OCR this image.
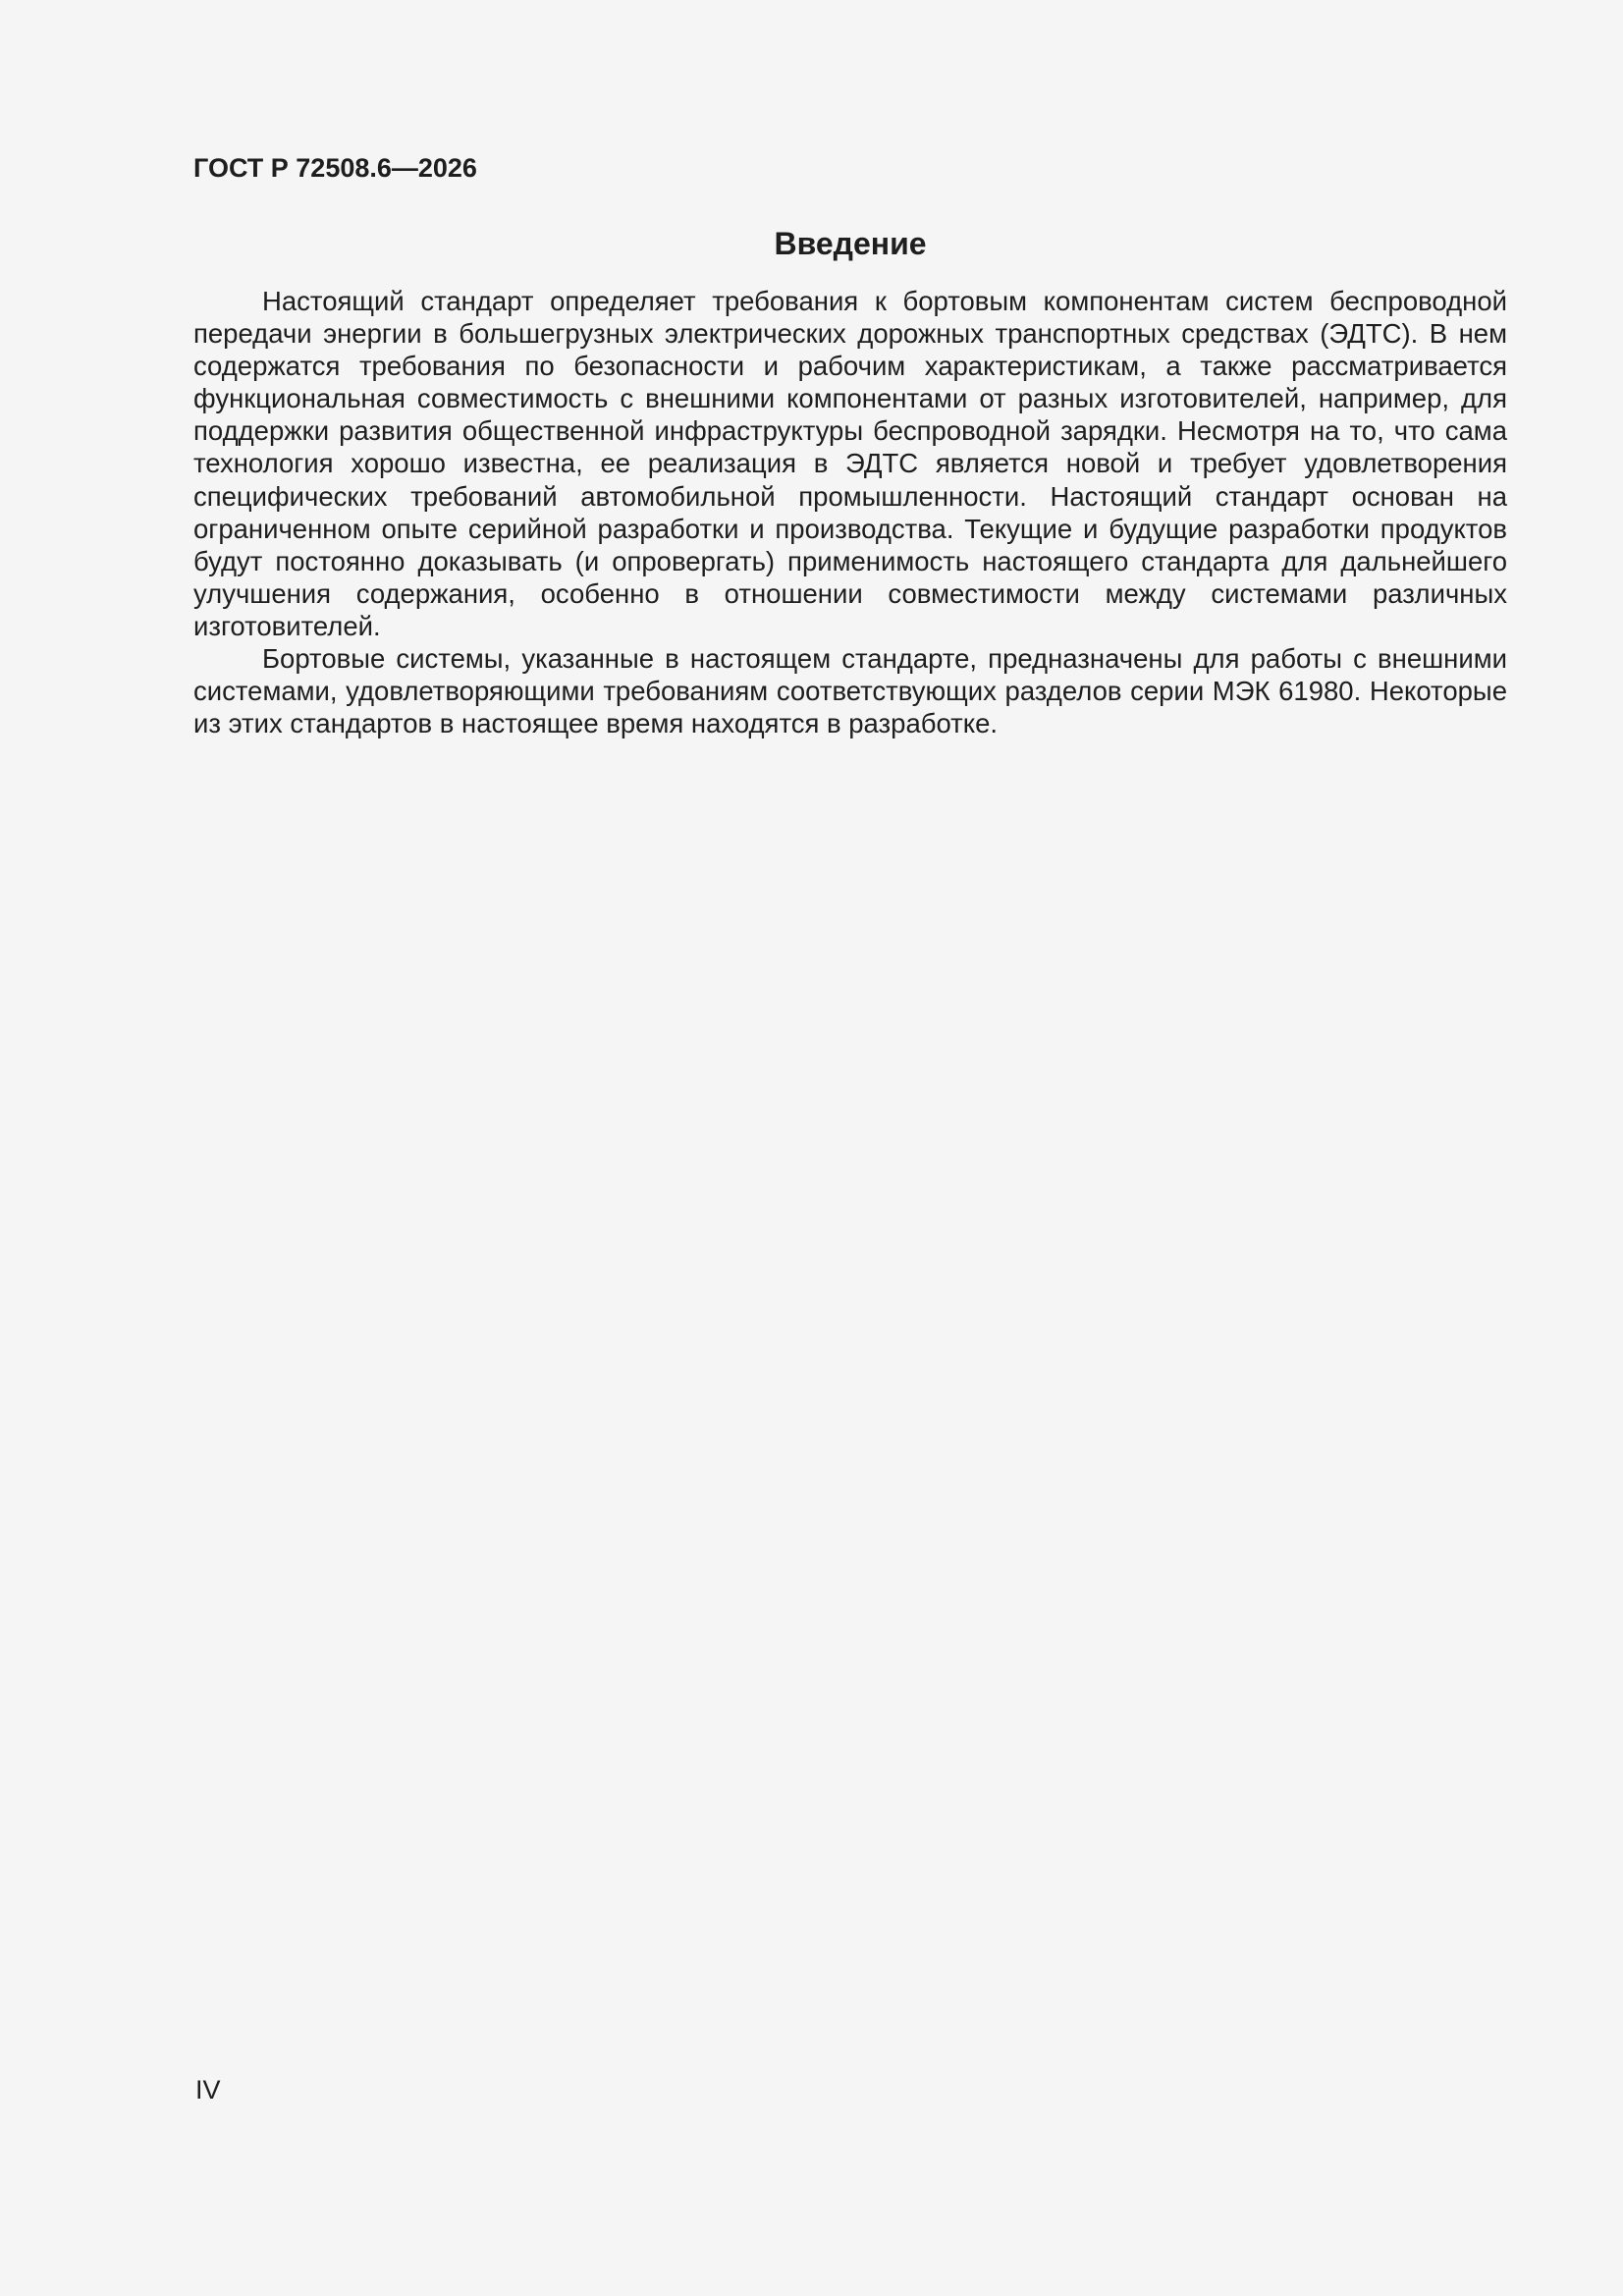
ГОСТ Р 72508.6—2026
Введение

Настоящий стандарт определяет требования к бортовым компонентам систем беспроводной передачи энергии в большегрузных электрических дорожных транспортных средствах (ЭДТС). В нем содержатся требования по безопасности и рабочим характеристикам, а также рассматривается функциональная совместимость с внешними компонентами от разных изготовителей, например, для поддержки развития общественной инфраструктуры беспроводной зарядки. Несмотря на то, что сама технология хорошо известна, ее реализация в ЭДТС является новой и требует удовлетворения специфических требований автомобильной промышленности. Настоящий стандарт основан на ограниченном опыте серийной разработки и производства. Текущие и будущие разработки продуктов будут постоянно доказывать (и опровергать) применимость настоящего стандарта для дальнейшего улучшения содержания, особенно в отношении совместимости между системами различных изготовителей.

Бортовые системы, указанные в настоящем стандарте, предназначены для работы с внешними системами, удовлетворяющими требованиям соответствующих разделов серии МЭК 61980. Некоторые из этих стандартов в настоящее время находятся в разработке.

IV
